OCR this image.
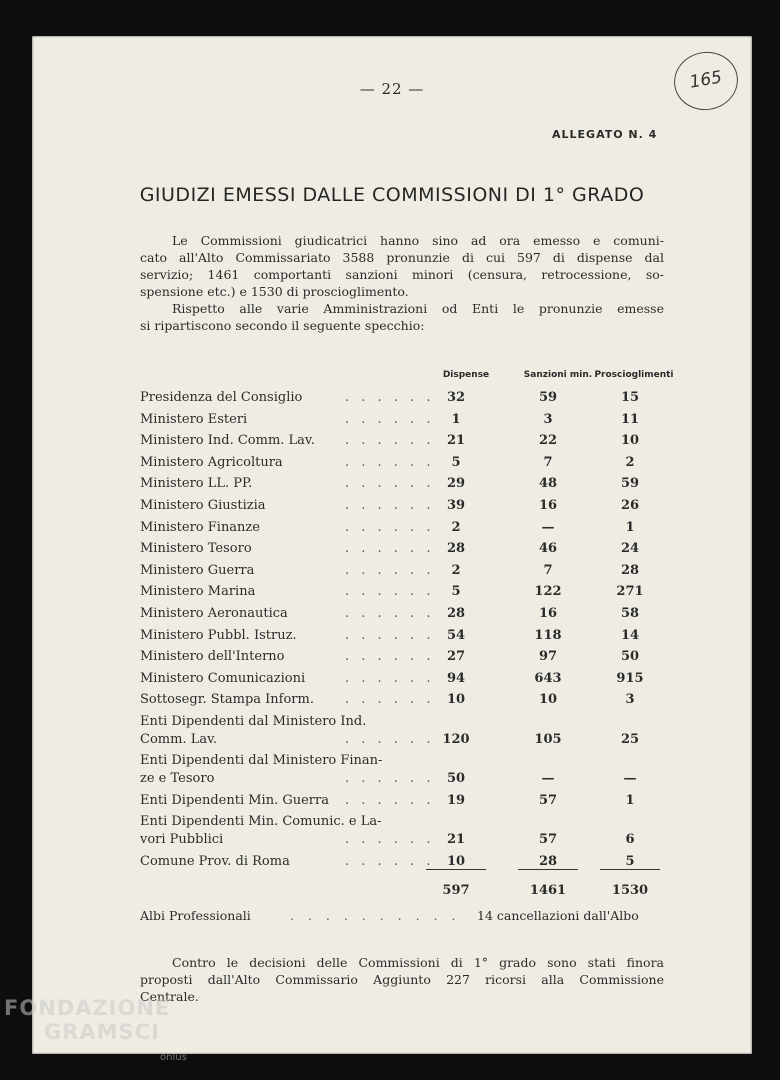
— 22 —	165
ALLEGATO N. 4
GIUDIZI EMESSI DALLE COMMISSIONI DI 1° GRADO
Le Commissioni giudicatrici hanno sino ad ora emesso e comuni-
cato all'Alto Commissariato 3588 pronunzie di cui 597 di dispense dal
servizio; 1461 comportanti sanzioni minori (censura, retrocessione, so-
spensione etc.) e 1530 di proscioglimento.
Rispetto alle varie Amministrazioni od Enti le pronunzie emesse
si ripartiscono secondo il seguente specchio:
Dispense	Sanzioni min. Proscioglimenti
Presidenza del Consiglio	32	59	15
. . . . . .
Ministero Esteri	1	3	11
. . . . . .
Ministero Ind. Comm. Lav.	21	22	10
. . . . . .
Ministero Agricoltura	5	7	2
. . . . . .
Ministero LL. PP.	29	48	59
. . . . . .
Ministero Giustizia	39	16	26
. . . . . .
Ministero Finanze	2	—	1
. . . . . .
Ministero Tesoro	28	46	24
. . . . . .
Ministero Guerra	2	7	28
. . . . . .
Ministero Marina	5	122	271
. . . . . .
Ministero Aeronautica	28	16	58
. . . . . .
Ministero Pubbl. Istruz.	54	118	14
. . . . . .
Ministero dell'Interno	27	97	50
. . . . . .
Ministero Comunicazioni	94	643	915
. . . . . .
Sottosegr. Stampa Inform.	10	10	3
. . . . . .
Enti Dipendenti dal Ministero Ind.
Comm. Lav.	120	105	25
. . . . . .
Enti Dipendenti dal Ministero Finan-
ze e Tesoro	50	—	—
. . . . . .
Enti Dipendenti Min. Guerra	19	57	1
. . . . . .
Enti Dipendenti Min. Comunic. e La-
vori Pubblici	21	57	6
. . . . . .
Comune Prov. di Roma	10	28	5
. . . . . .
597	1461	1530
Albi Professionali	. . . . . . . . . . 14 cancellazioni dall'Albo
Contro le decisioni delle Commissioni di 1° grado sono stati finora
proposti dall'Alto Commissario Aggiunto 227 ricorsi alla Commissione
Centrale.
FONDAZIONE
GRAMSCI
onlus
